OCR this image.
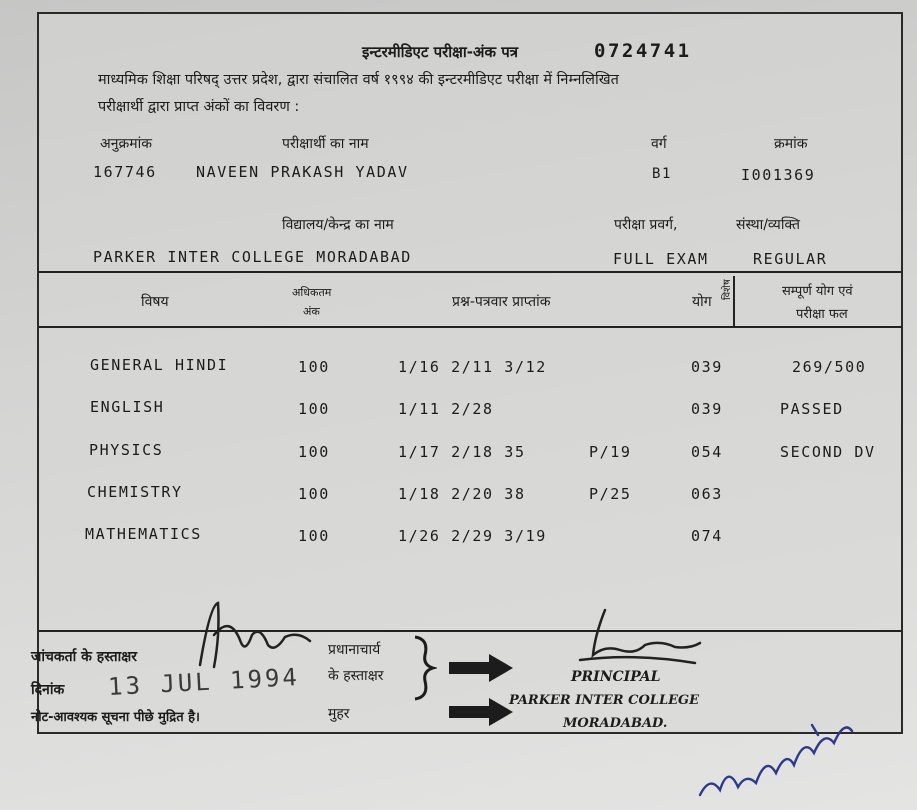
इन्टरमीडिएट परीक्षा-अंक पत्र	0724741
माध्यमिक शिक्षा परिषद् उत्तर प्रदेश, द्वारा संचालित वर्ष १९९४ की इन्टरमीडिएट परीक्षा में निम्नलिखित
परीक्षार्थी द्वारा प्राप्त अंकों का विवरण :
अनुक्रमांक	परीक्षार्थी का नाम	वर्ग	क्रमांक
167746	NAVEEN PRAKASH YADAV	B1	I001369
विद्यालय/केन्द्र का नाम	परीक्षा प्रवर्ग,	संस्था/व्यक्ति
PARKER INTER COLLEGE MORADABAD	FULL EXAM	REGULAR
विषय
अधिकतम
अंक
प्रश्न-पत्रवार प्राप्तांक	योग
विशेष	सम्पूर्ण योग एवं
परीक्षा फल
GENERAL HINDI	100	1/16 2/11 3/12	039	269/500
ENGLISH	100	1/11 2/28	039	PASSED
PHYSICS	100	1/17 2/18 35	P/19	054	SECOND DV
CHEMISTRY	100	1/18 2/20 38	P/25	063
MATHEMATICS	100	1/26 2/29 3/19	074
जांचकर्ता के हस्ताक्षर
दिनांक 13 JUL 1994
नोट-आवश्यक सूचना पीछे मुद्रित है।	मुहर
प्रधानाचार्य
के हस्ताक्षर	PRINCIPAL
PARKER INTER COLLEGE
MORADABAD.
